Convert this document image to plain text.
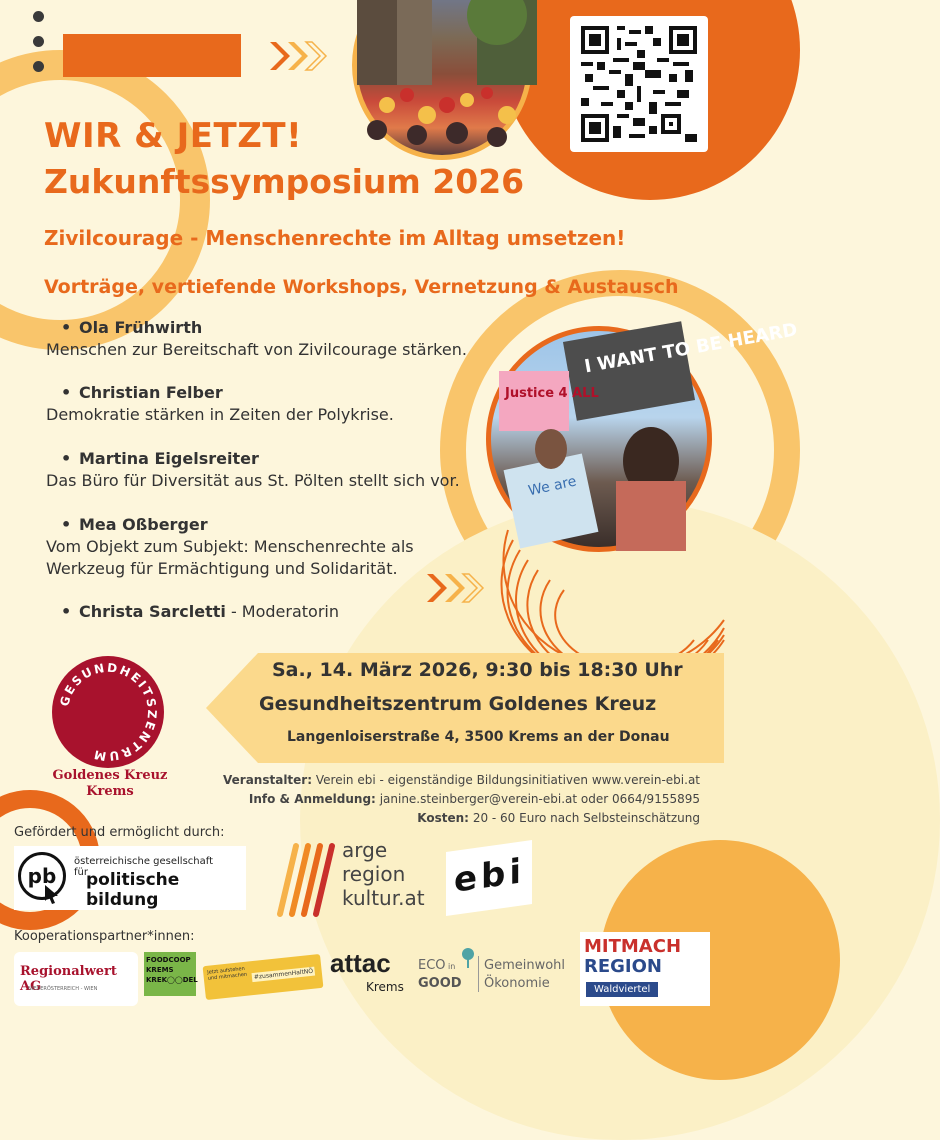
WIR & JETZT!
Zukunftssymposium 2026
Zivilcourage - Menschenrechte im Alltag umsetzen!
Vorträge, vertiefende Workshops, Vernetzung & Austausch
• Ola Frühwirth
Menschen zur Bereitschaft von Zivilcourage stärken.
• Christian Felber
Demokratie stärken in Zeiten der Polykrise.
• Martina Eigelsreiter
Das Büro für Diversität aus St. Pölten stellt sich vor.
• Mea Oßberger
Vom Objekt zum Subjekt: Menschenrechte als Werkzeug für Ermächtigung und Solidarität.
• Christa Sarcletti - Moderatorin
I WANT TO BE HEARD
Justice 4 ALL
We are
GESUNDHEITSZENTRUM
Goldenes Kreuz
Krems
Sa., 14. März 2026, 9:30 bis 18:30 Uhr
Gesundheitszentrum Goldenes Kreuz
Langenloiserstraße 4, 3500 Krems an der Donau
Veranstalter: Verein ebi - eigenständige Bildungsinitiativen www.verein-ebi.at
Info & Anmeldung: janine.steinberger@verein-ebi.at oder 0664/9155895
Kosten: 20 - 60 Euro nach Selbsteinschätzung
Gefördert und ermöglicht durch:
pb
österreichische gesellschaft für
politische bildung
arge
region
kultur.at ebi
Kooperationspartner*innen:
Regionalwert AG
NIEDERÖSTERREICH - WIEN
FOODCOOP
KREMS
KREK◯◯DEL
Jetzt aufstehen und mitmachen	#zusammenHaltNÖ attac
Krems
ECO in
GOOD
Gemeinwohl
Ökonomie
MITMACH
REGION
Waldviertel
